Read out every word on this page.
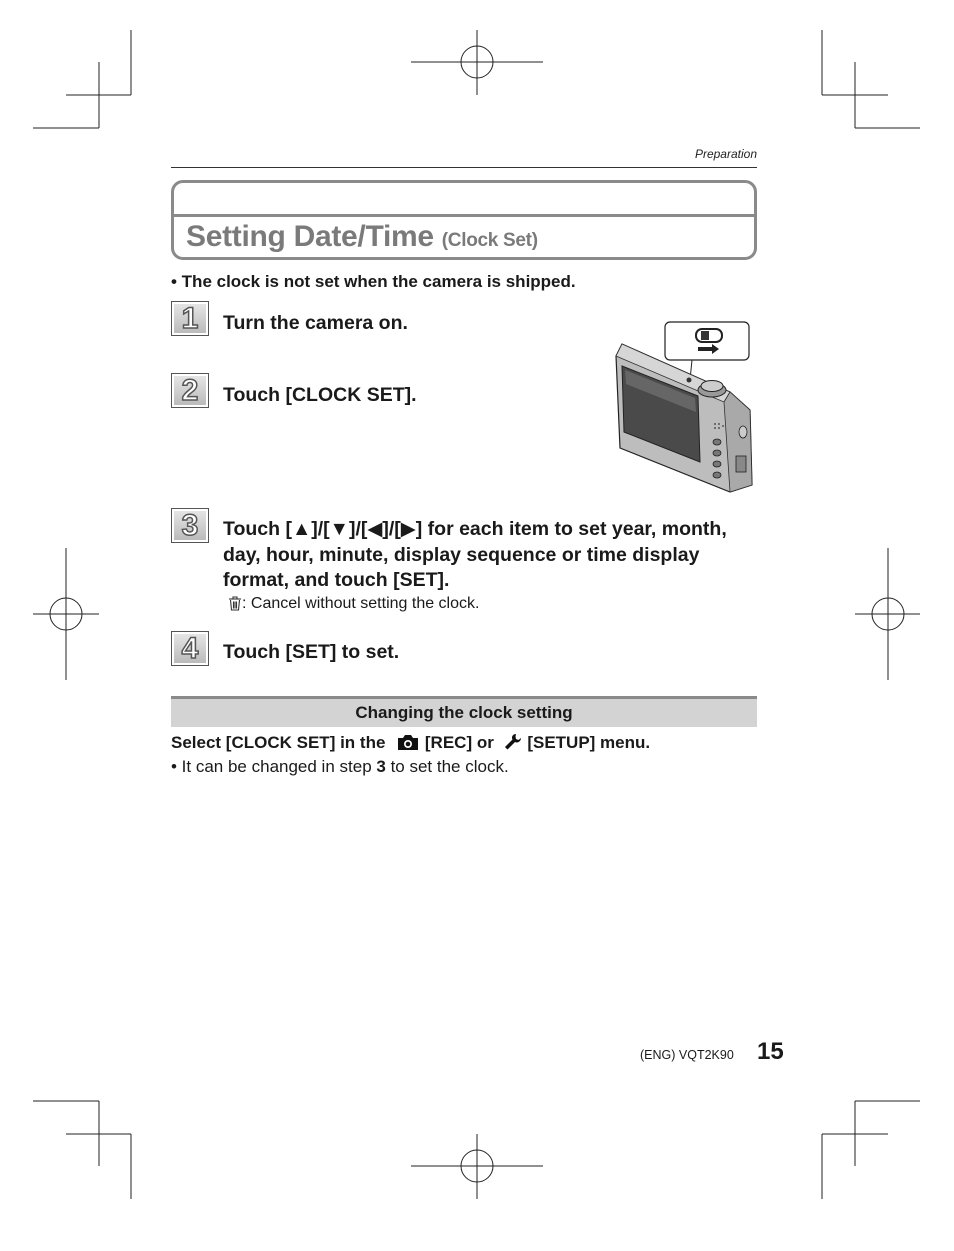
Preparation
Setting Date/Time (Clock Set)
• The clock is not set when the camera is shipped.
1	Turn the camera on.
2	Touch [CLOCK SET].
3	Touch [▲]/[▼]/[◀]/[▶] for each item to set year, month,
day, hour, minute, display sequence or time display
format, and touch [SET].
: Cancel without setting the clock.
4	Touch [SET] to set.
Changing the clock setting
Select [CLOCK SET] in the [REC] or [SETUP] menu.
• It can be changed in step 3 to set the clock.
(ENG) VQT2K90 15
